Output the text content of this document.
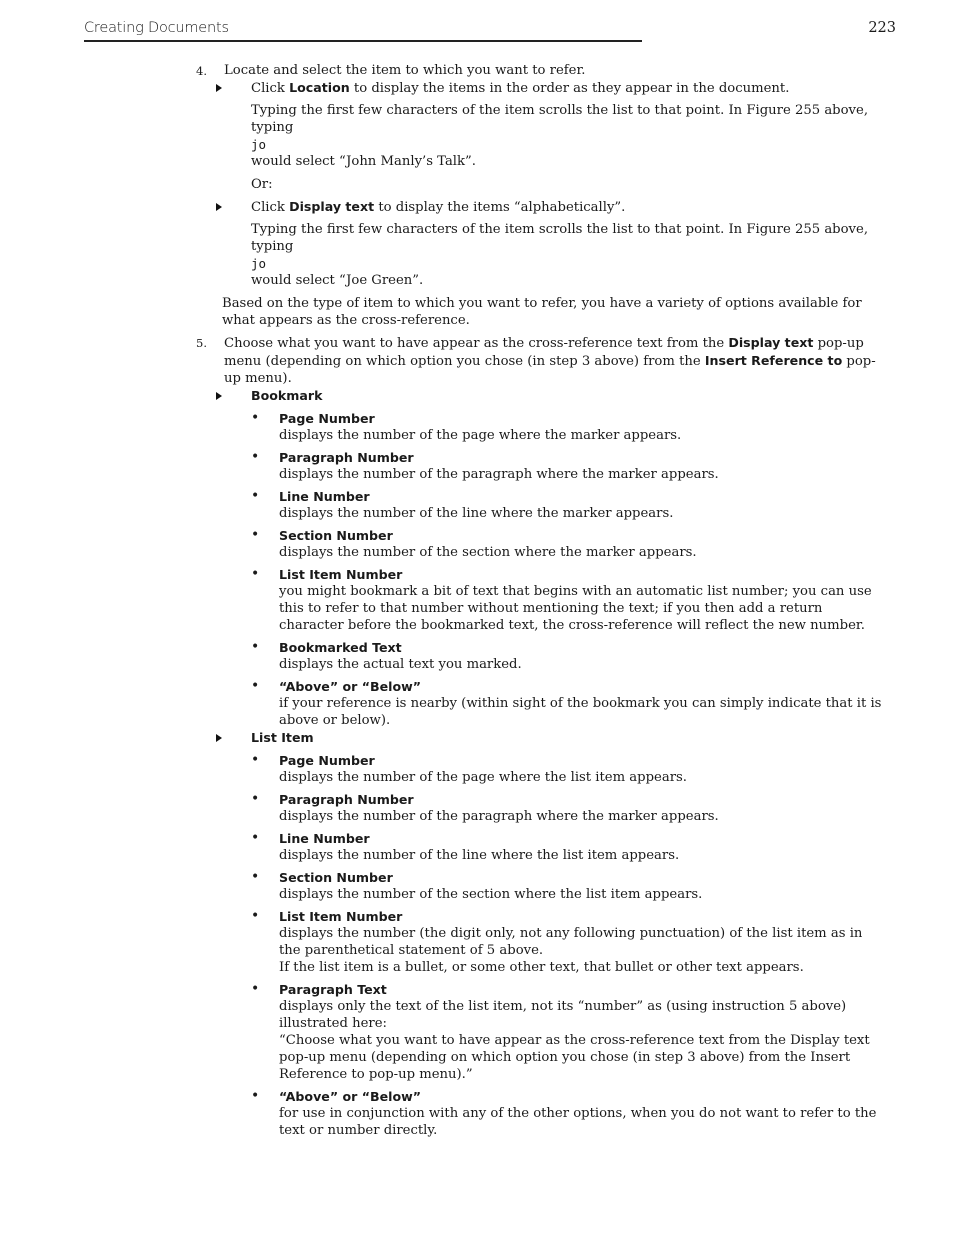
Creating Documents	223
4. Locate and select the item to which you want to refer.
Click Location to display the items in the order as they appear in the document.
Typing the first few characters of the item scrolls the list to that point. In Figure 255 above, typing
jo
would select “John Manly’s Talk”.
Or:
Click Display text to display the items “alphabetically”.
Typing the first few characters of the item scrolls the list to that point. In Figure 255 above, typing
jo
would select “Joe Green”.
Based on the type of item to which you want to refer, you have a variety of options available for what appears as the cross-reference.
5. Choose what you want to have appear as the cross-reference text from the Display text pop-up menu (depending on which option you chose (in step 3 above) from the Insert Reference to pop-up menu).
Bookmark
• Page Number
displays the number of the page where the marker appears.
• Paragraph Number
displays the number of the paragraph where the marker appears.
• Line Number
displays the number of the line where the marker appears.
• Section Number
displays the number of the section where the marker appears.
• List Item Number
you might bookmark a bit of text that begins with an automatic list number; you can use this to refer to that number without mentioning the text; if you then add a return character before the bookmarked text, the cross-reference will reflect the new number.
• Bookmarked Text
displays the actual text you marked.
• “Above” or “Below”
if your reference is nearby (within sight of the bookmark you can simply indicate that it is above or below).
List Item
• Page Number
displays the number of the page where the list item appears.
• Paragraph Number
displays the number of the paragraph where the marker appears.
• Line Number
displays the number of the line where the list item appears.
• Section Number
displays the number of the section where the list item appears.
• List Item Number
displays the number (the digit only, not any following punctuation) of the list item as in the parenthetical statement of 5 above.
If the list item is a bullet, or some other text, that bullet or other text appears.
• Paragraph Text
displays only the text of the list item, not its “number” as (using instruction 5 above) illustrated here:
“Choose what you want to have appear as the cross-reference text from the Display text pop-up menu (depending on which option you chose (in step 3 above) from the Insert Reference to pop-up menu).”
• “Above” or “Below”
for use in conjunction with any of the other options, when you do not want to refer to the text or number directly.
